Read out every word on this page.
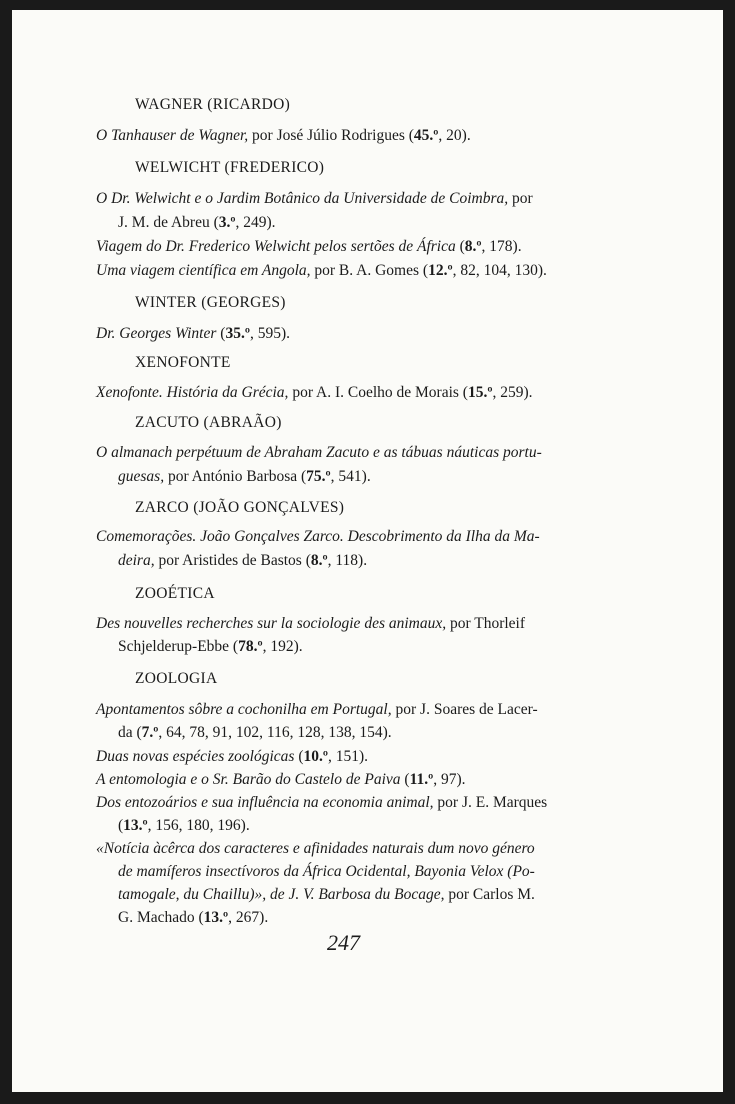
WAGNER (RICARDO)
O Tanhauser de Wagner, por José Júlio Rodrigues (45.º, 20).
WELWICHT (FREDERICO)
O Dr. Welwicht e o Jardim Botânico da Universidade de Coimbra, por
J. M. de Abreu (3.º, 249).
Viagem do Dr. Frederico Welwicht pelos sertões de África (8.º, 178).
Uma viagem científica em Angola, por B. A. Gomes (12.º, 82, 104, 130).
WINTER (GEORGES)
Dr. Georges Winter (35.º, 595).
XENOFONTE
Xenofonte. História da Grécia, por A. I. Coelho de Morais (15.º, 259).
ZACUTO (ABRAÃO)
O almanach perpétuum de Abraham Zacuto e as tábuas náuticas portu-
guesas, por António Barbosa (75.º, 541).
ZARCO (JOÃO GONÇALVES)
Comemorações. João Gonçalves Zarco. Descobrimento da Ilha da Ma-
deira, por Aristides de Bastos (8.º, 118).
ZOOÉTICA
Des nouvelles recherches sur la sociologie des animaux, por Thorleif
Schjelderup-Ebbe (78.º, 192).
ZOOLOGIA
Apontamentos sôbre a cochonilha em Portugal, por J. Soares de Lacer-
da (7.º, 64, 78, 91, 102, 116, 128, 138, 154).
Duas novas espécies zoológicas (10.º, 151).
A entomologia e o Sr. Barão do Castelo de Paiva (11.º, 97).
Dos entozoários e sua influência na economia animal, por J. E. Marques
(13.º, 156, 180, 196).
«Notícia àcêrca dos caracteres e afinidades naturais dum novo género
de mamíferos insectívoros da África Ocidental, Bayonia Velox (Po-
tamogale, du Chaillu)», de J. V. Barbosa du Bocage, por Carlos M.
G. Machado (13.º, 267).
247
